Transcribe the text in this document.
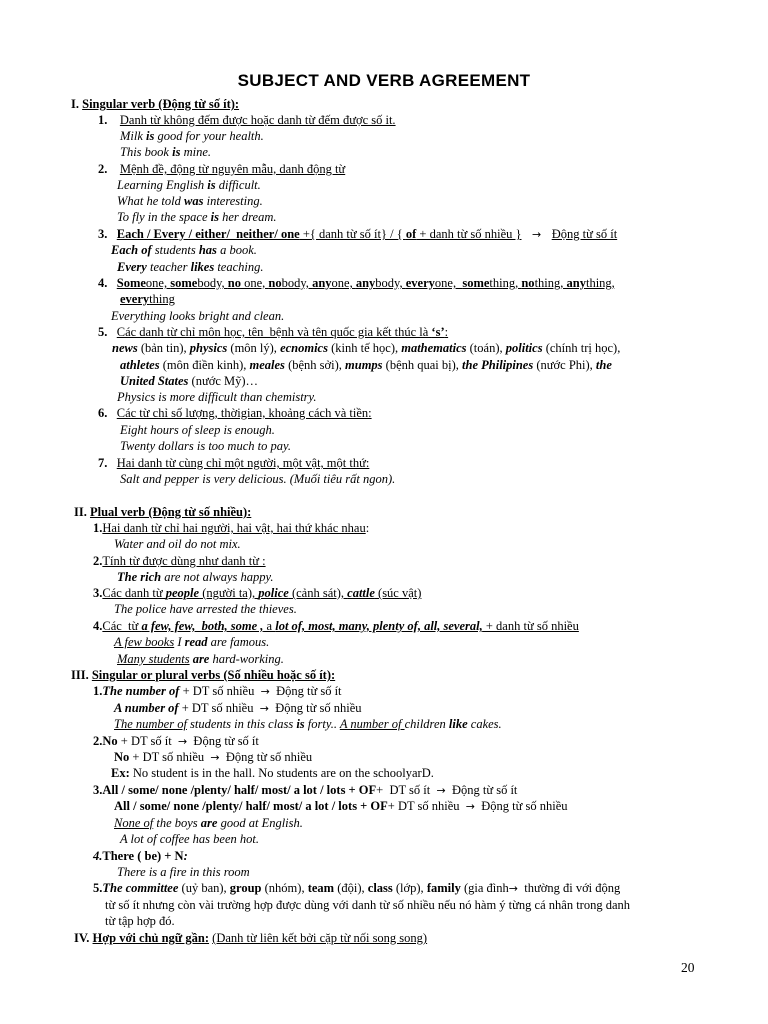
SUBJECT AND VERB AGREEMENT
I. Singular verb (Động từ số ít):
1. Danh từ không đếm được hoặc danh từ đếm được số it.
Milk is good for your health.
This book is mine.
2. Mệnh đề, động từ nguyên mẫu, danh động từ
Learning English is difficult.
What he told was interesting.
To fly in the space is her dream.
3. Each / Every / either/  neither/ one +{ danh từ số ít} / { of + danh từ số nhiều }   →   Động từ số ít
Each of students has a book.
Every teacher likes teaching.
4. Someone, somebody, no one, nobody, anyone, anybody, everyone,  something, nothing, anything,
everything
Everything looks bright and clean.
5. Các danh từ chỉ môn học, tên  bệnh và tên quốc gia kết thúc là ‘s’:
news (bản tin), physics (môn lý), ecnomics (kinh tế học), mathematics (toán), politics (chính trị học),
athletes (môn điền kinh), meales (bệnh sởi), mumps (bệnh quai bị), the Philipines (nước Phi), the
United States (nước Mỹ)…
Physics is more difficult than chemistry.
6. Các từ chỉ số lượng, thờigian, khoảng cách và tiền:
Eight hours of sleep is enough.
Twenty dollars is too much to pay.
7. Hai danh từ cùng chỉ một người, một vật, một thứ:
Salt and pepper is very delicious. (Muối tiêu rất ngon).
II. Plual verb (Động từ số nhiều):
1.Hai danh từ chỉ hai người, hai vật, hai thứ khác nhau:
Water and oil do not mix.
2.Tính từ được dùng như danh từ :
The rich are not always happy.
3.Các danh từ people (người ta), police (cảnh sát), cattle (súc vật)
The police have arrested the thieves.
4.Các  từ a few, few,  both, some , a lot of, most, many, plenty of, all, several, + danh từ số nhiều
A few books I read are famous.
Many students are hard-working.
III. Singular or plural verbs (Số nhiều hoặc số ít):
1.The number of + DT số nhiều  →  Động từ số ít
A number of + DT số nhiều  →  Động từ số nhiều
The number of students in this class is forty.. A number of children like cakes.
2.No + DT số ít  →  Động từ số ít
No + DT số nhiều  →  Động từ số nhiều
Ex: No student is in the hall. No students are on the schoolyarD.
3.All / some/ none /plenty/ half/ most/ a lot / lots + OF+  DT số ít  →  Động từ số ít
All / some/ none /plenty/ half/ most/ a lot / lots + OF+ DT số nhiều  →  Động từ số nhiều
None of the boys are good at English.
A lot of coffee has been hot.
4.There ( be) + N:
There is a fire in this room
5.The committee (uỷ ban), group (nhóm), team (đội), class (lớp), family (gia đình→  thường đi với động
từ số ít nhưng còn vài trường hợp được dùng với danh từ số nhiều nếu nó hàm ý từng cá nhân trong danh
từ tập hợp đó.
IV. Hợp với chủ ngữ gần: (Danh từ liên kết bởi cặp từ nối song song)
20
